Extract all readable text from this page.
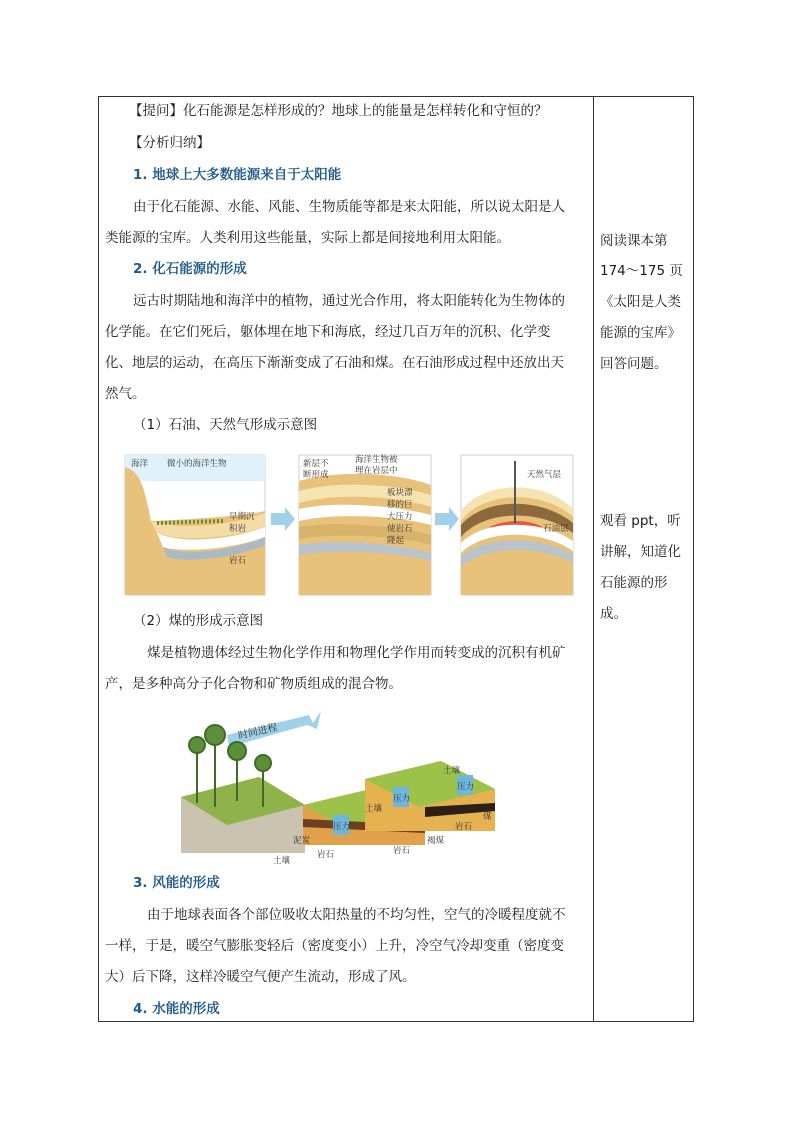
【提问】化石能源是怎样形成的？地球上的能量是怎样转化和守恒的？
【分析归纳】
1. 地球上大多数能源来自于太阳能
由于化石能源、水能、风能、生物质能等都是来太阳能，所以说太阳是人
类能源的宝库。人类利用这些能量，实际上都是间接地利用太阳能。
2. 化石能源的形成
远古时期陆地和海洋中的植物，通过光合作用，将太阳能转化为生物体的
化学能。在它们死后，躯体埋在地下和海底，经过几百万年的沉积、化学变
化、地层的运动，在高压下渐渐变成了石油和煤。在石油形成过程中还放出天
然气。
（1）石油、天然气形成示意图
海洋 微小的海洋生物
早期沉
积岩
岩石
新层不
断形成
海洋生物被
埋在岩层中
板块漂
移的巨
大压力
使岩石
隆起
天然气层
石油层
（2）煤的形成示意图
煤是植物遗体经过生物化学作用和物理化学作用而转变成的沉积有机矿
产，是多种高分子化合物和矿物质组成的混合物。
时间进程
泥炭
土壤
压力
土壤
压力
褐煤
岩石
土壤
压力
岩石
煤
岩石
3. 风能的形成
由于地球表面各个部位吸收太阳热量的不均匀性，空气的冷暖程度就不
一样，于是，暖空气膨胀变轻后（密度变小）上升，冷空气冷却变重（密度变
大）后下降，这样冷暖空气便产生流动，形成了风。
4. 水能的形成
阅读课本第
174～175 页
《太阳是人类
能源的宝库》
回答问题。
观看 ppt，听
讲解，知道化
石能源的形
成。
